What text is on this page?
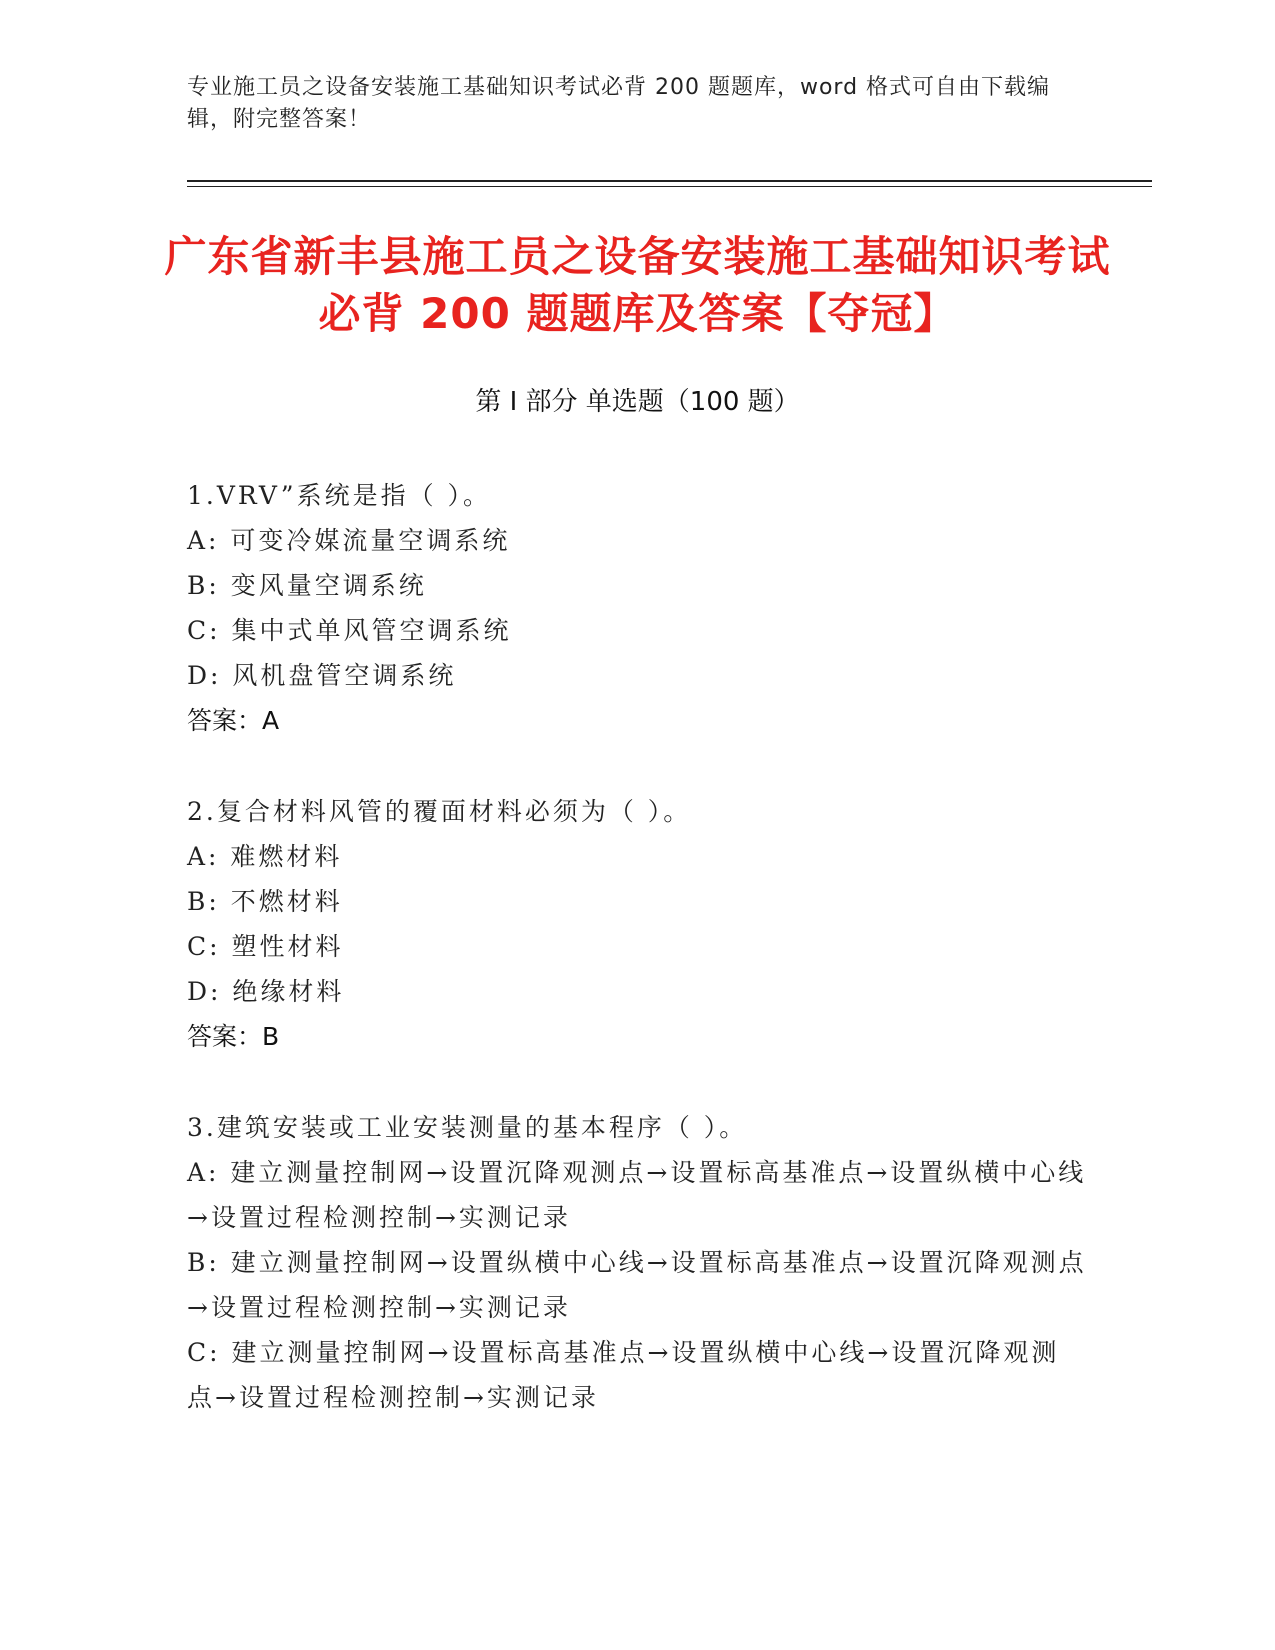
专业施工员之设备安装施工基础知识考试必背 200 题题库，word 格式可自由下载编辑，附完整答案！
广东省新丰县施工员之设备安装施工基础知识考试必背 200 题题库及答案【夺冠】
第 I 部分 单选题（100 题）
1.VRV”系统是指（ ）。
A: 可变冷媒流量空调系统
B: 变风量空调系统
C: 集中式单风管空调系统
D: 风机盘管空调系统
答案：A
2.复合材料风管的覆面材料必须为（ ）。
A: 难燃材料
B: 不燃材料
C: 塑性材料
D: 绝缘材料
答案：B
3.建筑安装或工业安装测量的基本程序（ ）。
A: 建立测量控制网→设置沉降观测点→设置标高基准点→设置纵横中心线→设置过程检测控制→实测记录
B: 建立测量控制网→设置纵横中心线→设置标高基准点→设置沉降观测点→设置过程检测控制→实测记录
C: 建立测量控制网→设置标高基准点→设置纵横中心线→设置沉降观测点→设置过程检测控制→实测记录
